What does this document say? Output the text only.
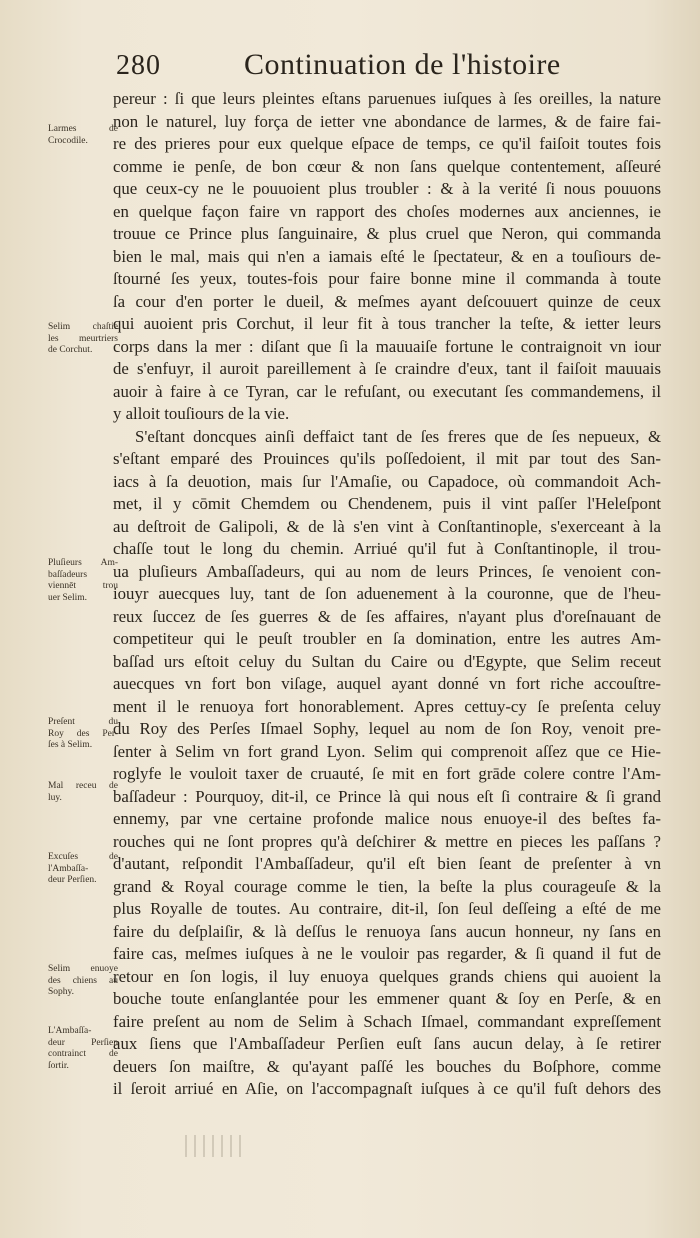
280	Continuation de l'histoire
pereur : ſi que leurs pleintes eſtans paruenues iuſques à ſes oreilles, la nature
non le naturel, luy força de ietter vne abondance de larmes, & de faire fai-
re des prieres pour eux quelque eſpace de temps, ce qu'il faiſoit toutes fois
comme ie penſe, de bon cœur & non ſans quelque contentement, aſſeuré
que ceux-cy ne le pouuoient plus troubler : & à la verité ſi nous pouuons
en quelque façon faire vn rapport des choſes modernes aux anciennes, ie
trouue ce Prince plus ſanguinaire, & plus cruel que Neron, qui commanda
bien le mal, mais qui n'en a iamais eſté le ſpectateur, & en a touſiours de-
ſtourné ſes yeux, toutes-fois pour faire bonne mine il commanda à toute
ſa cour d'en porter le dueil, & meſmes ayant deſcouuert quinze de ceux
qui auoient pris Corchut, il leur fit à tous trancher la teſte, & ietter leurs
corps dans la mer : diſant que ſi la mauuaiſe fortune le contraignoit vn iour
de s'enfuyr, il auroit pareillement à ſe craindre d'eux, tant il faiſoit mauuais
auoir à faire à ce Tyran, car le refuſant, ou executant ſes commandemens, il
y alloit touſiours de la vie.
S'eſtant doncques ainſi deffaict tant de ſes freres que de ſes nepueux, &
s'eſtant emparé des Prouinces qu'ils poſſedoient, il mit par tout des San-
iacs à ſa deuotion, mais ſur l'Amaſie, ou Capadoce, où commandoit Ach-
met, il y cōmit Chemdem ou Chendenem, puis il vint paſſer l'Heleſpont
au deſtroit de Galipoli, & de là s'en vint à Conſtantinople, s'exerceant à la
chaſſe tout le long du chemin. Arriué qu'il fut à Conſtantinople, il trou-
ua pluſieurs Ambaſſadeurs, qui au nom de leurs Princes, ſe venoient con-
iouyr auecques luy, tant de ſon aduenement à la couronne, que de l'heu-
reux ſuccez de ſes guerres & de ſes affaires, n'ayant plus d'oreſnauant de
competiteur qui le peuſt troubler en ſa domination, entre les autres Am-
baſſad urs eſtoit celuy du Sultan du Caire ou d'Egypte, que Selim receut
auecques vn fort bon viſage, auquel ayant donné vn fort riche accouſtre-
ment il le renuoya fort honorablement. Apres cettuy-cy ſe preſenta celuy
du Roy des Perſes Iſmael Sophy, lequel au nom de ſon Roy, venoit pre-
ſenter à Selim vn fort grand Lyon. Selim qui comprenoit aſſez que ce Hie-
roglyfe le vouloit taxer de cruauté, ſe mit en fort grāde colere contre l'Am-
baſſadeur : Pourquoy, dit-il, ce Prince là qui nous eſt ſi contraire & ſi grand
ennemy, par vne certaine profonde malice nous enuoye-il des beſtes fa-
rouches qui ne ſont propres qu'à deſchirer & mettre en pieces les paſſans ?
d'autant, reſpondit l'Ambaſſadeur, qu'il eſt bien ſeant de preſenter à vn
grand & Royal courage comme le tien, la beſte la plus courageuſe & la
plus Royalle de toutes. Au contraire, dit-il, ſon ſeul deſſeing a eſté de me
faire du deſplaiſir, & là deſſus le renuoya ſans aucun honneur, ny ſans en
faire cas, meſmes iuſques à ne le vouloir pas regarder, & ſi quand il fut de
retour en ſon logis, il luy enuoya quelques grands chiens qui auoient la
bouche toute enſanglantée pour les emmener quant & ſoy en Perſe, & en
faire preſent au nom de Selim à Schach Iſmael, commandant expreſſement
aux ſiens que l'Ambaſſadeur Perſien euſt ſans aucun delay, à ſe retirer
deuers ſon maiſtre, & qu'ayant paſſé les bouches du Boſphore, comme
il ſeroit arriué en Aſie, on l'accompagnaſt iuſques à ce qu'il fuſt dehors des
Larmes de
Crocodile.
Selim chaſtie
les meurtriers
de Corchut.
Pluſieurs Am-
baſſadeurs
viennēt trou
uer Selim.
Preſent du
Roy des Per-
ſes à Selim.
Mal receu de
luy.
Excuſes de
l'Ambaſſa-
deur Perſien.
Selim enuoye
des chiens au
Sophy.
L'Ambaſſa-
deur Perſien
contrainct de
ſortir.
